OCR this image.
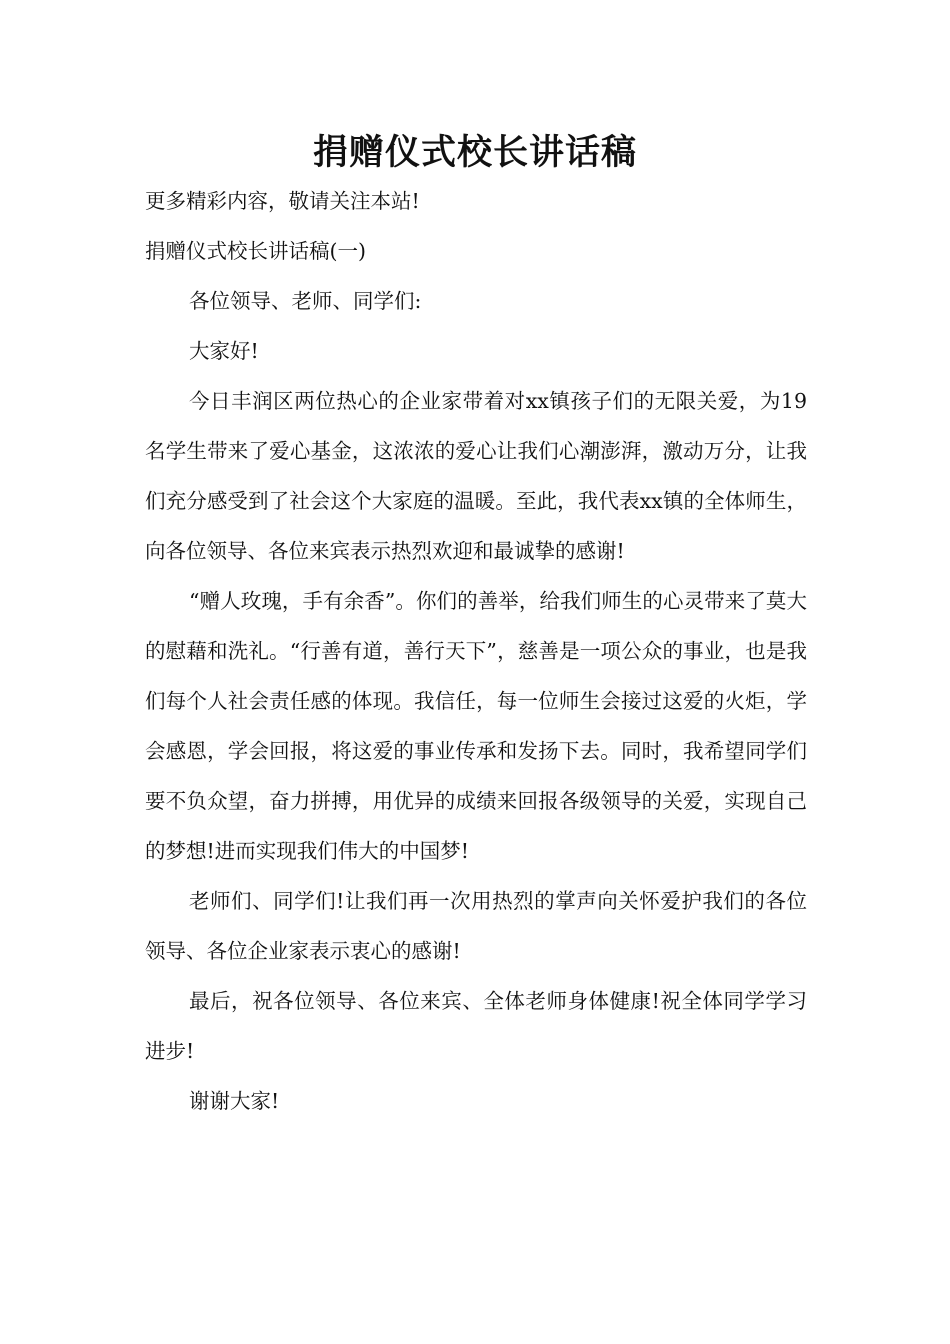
捐赠仪式校长讲话稿

更多精彩内容，敬请关注本站!

捐赠仪式校长讲话稿(一)

各位领导、老师、同学们:

大家好!

今日丰润区两位热心的企业家带着对xx镇孩子们的无限关爱，为19名学生带来了爱心基金，这浓浓的爱心让我们心潮澎湃，激动万分，让我们充分感受到了社会这个大家庭的温暖。至此，我代表xx镇的全体师生，向各位领导、各位来宾表示热烈欢迎和最诚挚的感谢!

“赠人玫瑰，手有余香”。你们的善举，给我们师生的心灵带来了莫大的慰藉和洗礼。“行善有道，善行天下”，慈善是一项公众的事业，也是我们每个人社会责任感的体现。我信任，每一位师生会接过这爱的火炬，学会感恩，学会回报，将这爱的事业传承和发扬下去。同时，我希望同学们要不负众望，奋力拼搏，用优异的成绩来回报各级领导的关爱，实现自己的梦想!进而实现我们伟大的中国梦!

老师们、同学们!让我们再一次用热烈的掌声向关怀爱护我们的各位领导、各位企业家表示衷心的感谢!

最后，祝各位领导、各位来宾、全体老师身体健康!祝全体同学学习进步!

谢谢大家!
